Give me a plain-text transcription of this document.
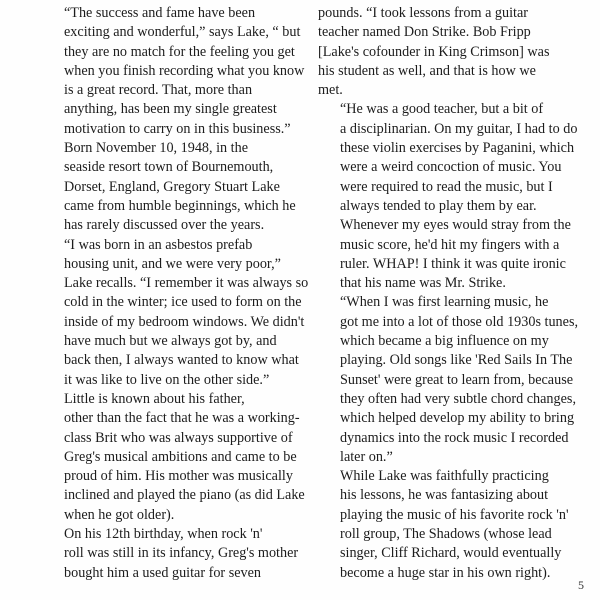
“The success and fame have been
exciting and wonderful,” says Lake, “ but
they are no match for the feeling you get
when you finish recording what you know
is a great record. That, more than
anything, has been my single greatest
motivation to carry on in this business.”

Born November 10, 1948, in the
seaside resort town of Bournemouth,
Dorset, England, Gregory Stuart Lake
came from humble beginnings, which he
has rarely discussed over the years.

“I was born in an asbestos prefab
housing unit, and we were very poor,”
Lake recalls. “I remember it was always so
cold in the winter; ice used to form on the
inside of my bedroom windows. We didn't
have much but we always got by, and
back then, I always wanted to know what
it was like to live on the other side.”

Little is known about his father,
other than the fact that he was a working-
class Brit who was always supportive of
Greg's musical ambitions and came to be
proud of him. His mother was musically
inclined and played the piano (as did Lake
when he got older).

On his 12th birthday, when rock 'n'
roll was still in its infancy, Greg's mother
bought him a used guitar for seven

pounds. “I took lessons from a guitar
teacher named Don Strike. Bob Fripp
[Lake's cofounder in King Crimson] was
his student as well, and that is how we
met.

“He was a good teacher, but a bit of
a disciplinarian. On my guitar, I had to do
these violin exercises by Paganini, which
were a weird concoction of music. You
were required to read the music, but I
always tended to play them by ear.
Whenever my eyes would stray from the
music score, he'd hit my fingers with a
ruler. WHAP! I think it was quite ironic
that his name was Mr. Strike.

“When I was first learning music, he
got me into a lot of those old 1930s tunes,
which became a big influence on my
playing. Old songs like 'Red Sails In The
Sunset' were great to learn from, because
they often had very subtle chord changes,
which helped develop my ability to bring
dynamics into the rock music I recorded
later on.”

While Lake was faithfully practicing
his lessons, he was fantasizing about
playing the music of his favorite rock 'n'
roll group, The Shadows (whose lead
singer, Cliff Richard, would eventually
become a huge star in his own right).

5
